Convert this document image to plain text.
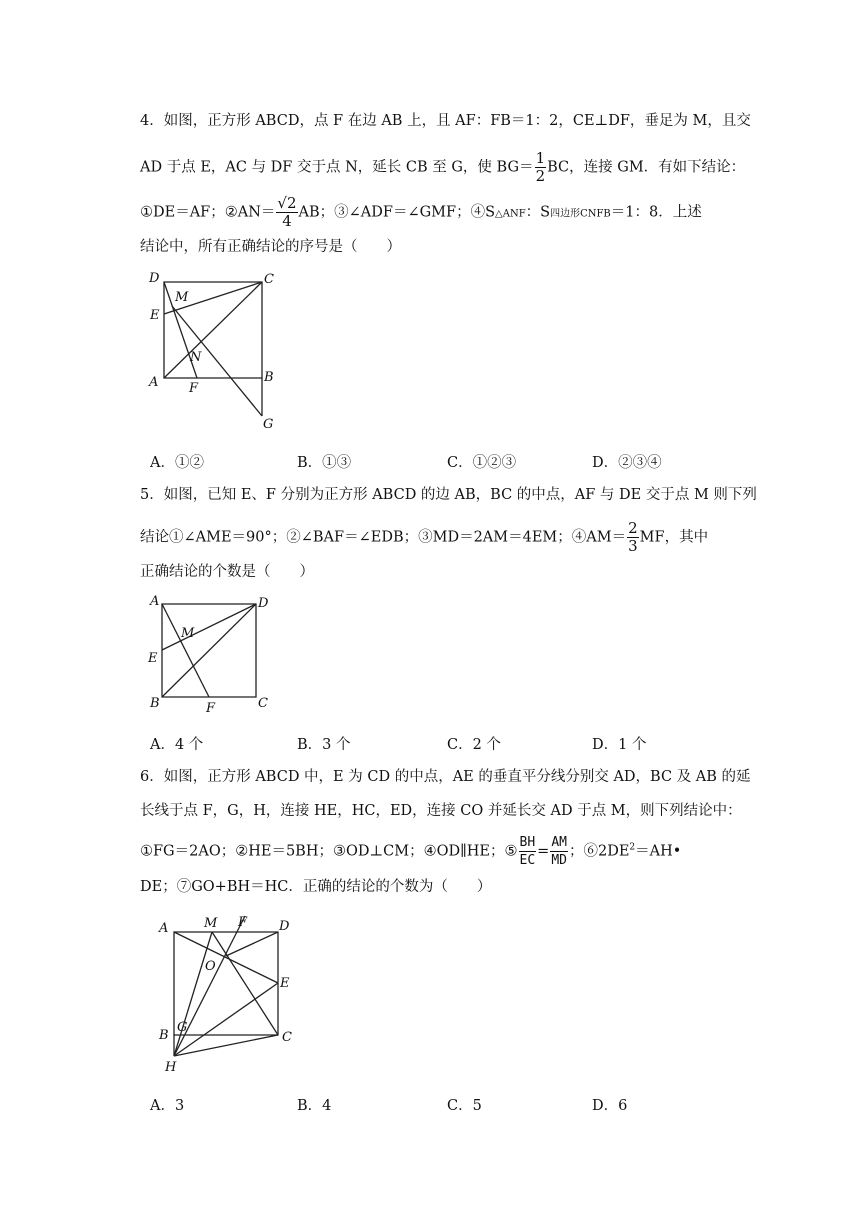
4．如图，正方形 ABCD，点 F 在边 AB 上，且 AF：FB＝1：2，CE⊥DF，垂足为 M，且交
AD 于点 E，AC 与 DF 交于点 N，延长 CB 至 G，使 $BG= \frac{1}{2}$ BC，连接 GM．有如下结论：
①DE＝AF；②AN＝ $\frac{√2}{4}$ AB；③∠ADF＝∠GMF；④S△ANF：S四边形CNFB＝1：8．上述
结论中，所有正确结论的序号是（　　）
D	C
M
E
N
A F
B
G
A．①②	B．①③	C．①②③	D．②③④
5．如图，已知 E、F 分别为正方形 ABCD 的边 AB，BC 的中点，AF 与 DE 交于点 M 则下列
结论①∠AME＝90°；②∠BAF＝∠EDB；③MD＝2AM＝4EM；④AM＝ $\frac{2}{3}$ MF，其中
正确结论的个数是（　　）
A	D
M
E
B	F	C
A．4 个	B．3 个	C．2 个	D．1 个
6．如图，正方形 ABCD 中，E 为 CD 的中点，AE 的垂直平分线分别交 AD，BC 及 AB 的延
长线于点 F，G，H，连接 HE，HC，ED，连接 CO 并延长交 AD 于点 M，则下列结论中：
①FG＝2AO；②HE＝5BH；③OD⊥CM；④OD∥HE；⑤ $\frac{BH}{EC} = \frac{AM}{MD}$ ；$⑥2DE^2=AH•$
DE；⑦GO+BH＝HC．正确的结论的个数为（　　）
A	M F D
O
E
B
G
C
H
A．3	B．4	C．5	D．6
